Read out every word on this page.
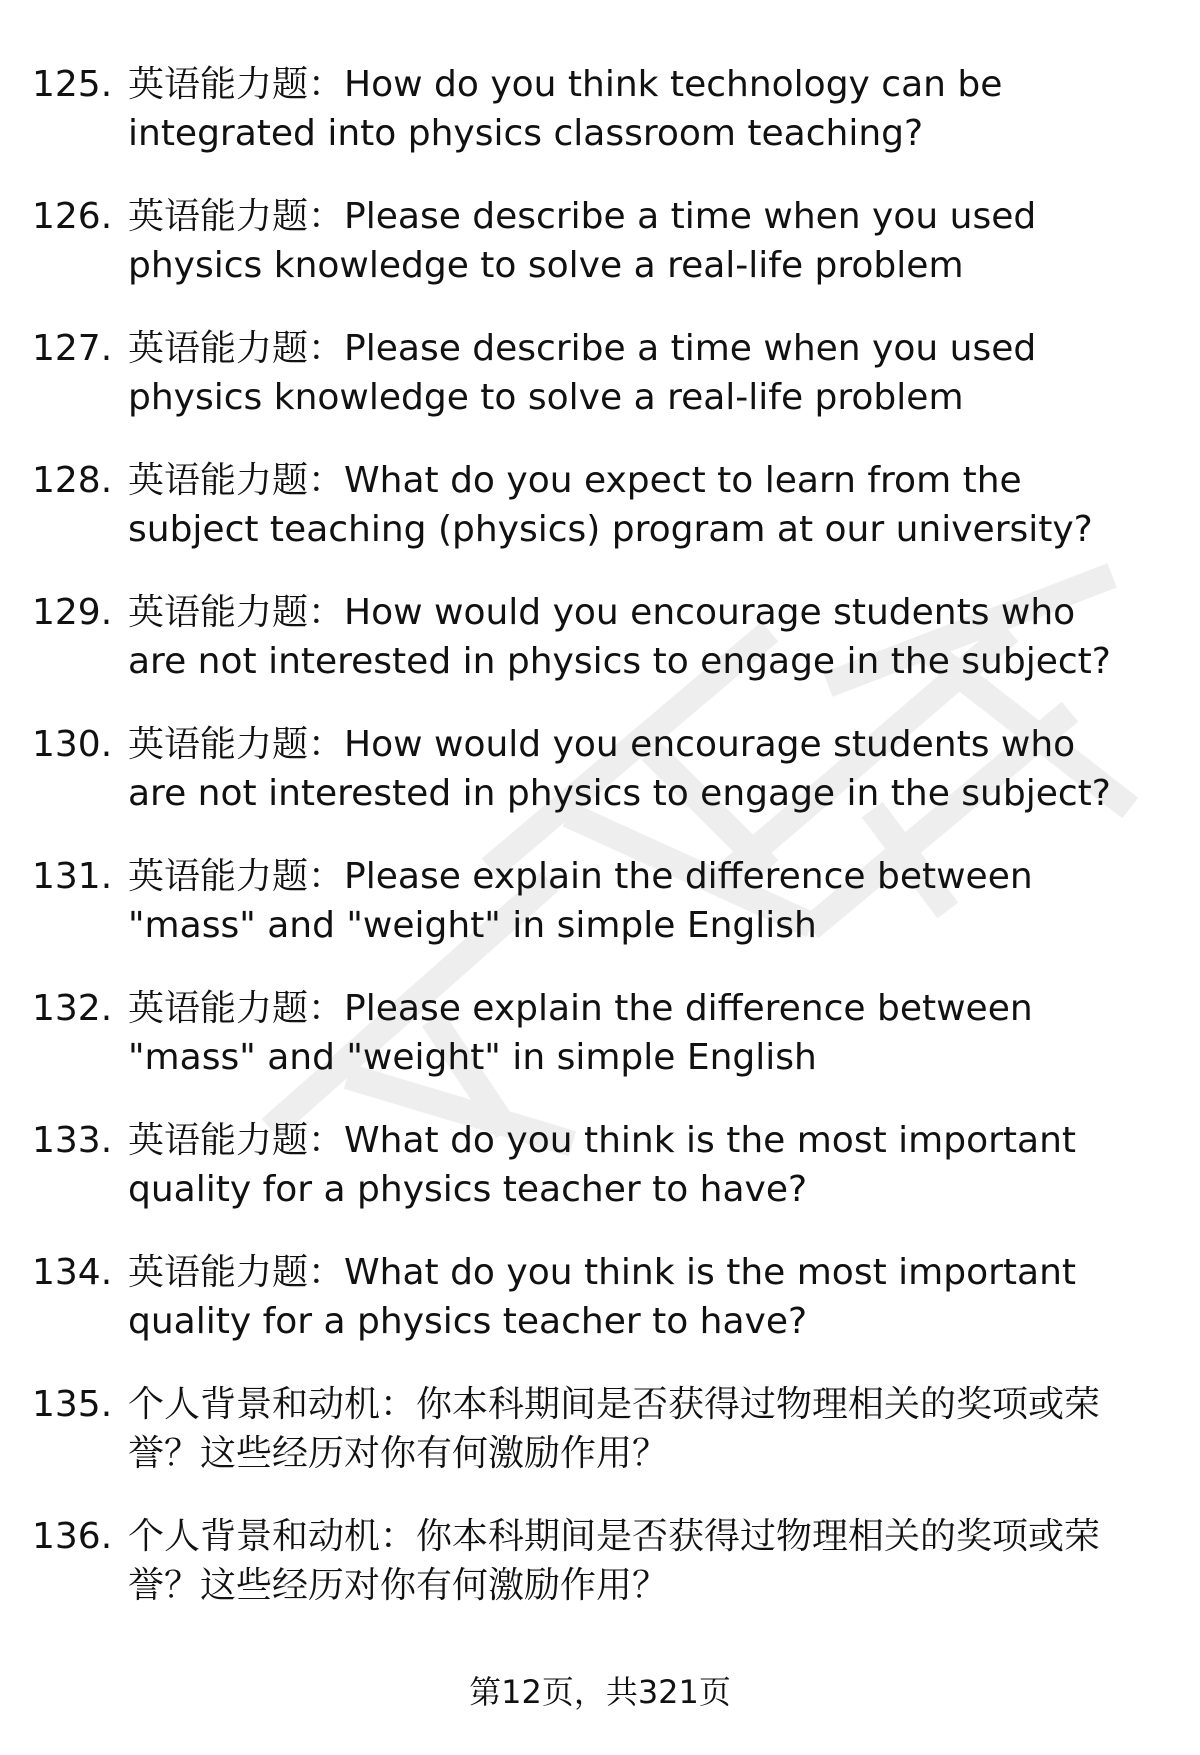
125. 英语能力题：How do you think technology can be integrated into physics classroom teaching?
126. 英语能力题：Please describe a time when you used physics knowledge to solve a real-life problem
127. 英语能力题：Please describe a time when you used physics knowledge to solve a real-life problem
128. 英语能力题：What do you expect to learn from the subject teaching (physics) program at our university?
129. 英语能力题：How would you encourage students who are not interested in physics to engage in the subject?
130. 英语能力题：How would you encourage students who are not interested in physics to engage in the subject?
131. 英语能力题：Please explain the difference between "mass" and "weight" in simple English
132. 英语能力题：Please explain the difference between "mass" and "weight" in simple English
133. 英语能力题：What do you think is the most important quality for a physics teacher to have?
134. 英语能力题：What do you think is the most important quality for a physics teacher to have?
135. 个人背景和动机：你本科期间是否获得过物理相关的奖项或荣誉？这些经历对你有何激励作用？
136. 个人背景和动机：你本科期间是否获得过物理相关的奖项或荣誉？这些经历对你有何激励作用？
第12页，共321页
